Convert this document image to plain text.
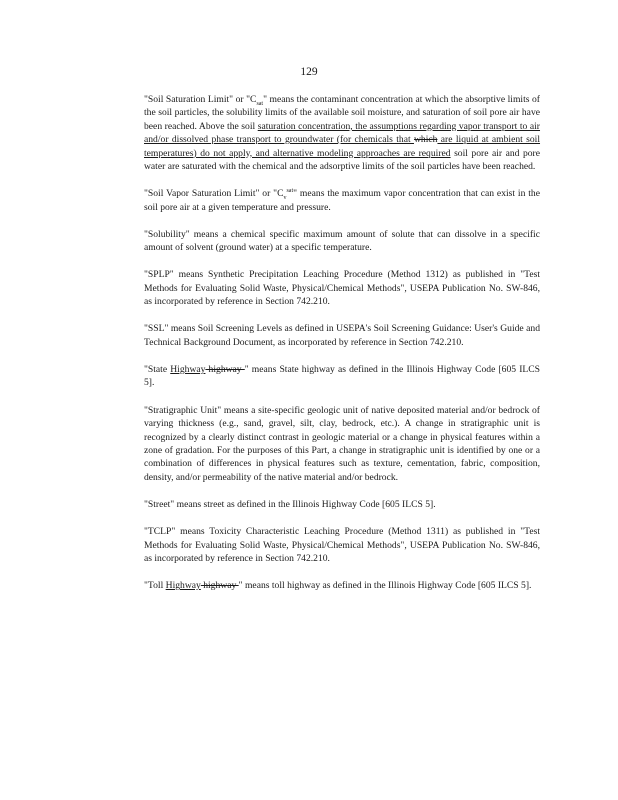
129

"Soil Saturation Limit" or "$C_{sat}$" means the contaminant concentration at which the absorptive limits of the soil particles, the solubility limits of the available soil moisture, and saturation of soil pore air have been reached. Above the soil saturation concentration, the assumptions regarding vapor transport to air and/or dissolved phase transport to groundwater (for chemicals that which are liquid at ambient soil temperatures) do not apply, and alternative modeling approaches are required soil pore air and pore water are saturated with the chemical and the adsorptive limits of the soil particles have been reached.

"Soil Vapor Saturation Limit" or "$C_v^{sat}$" means the maximum vapor concentration that can exist in the soil pore air at a given temperature and pressure.

"Solubility" means a chemical specific maximum amount of solute that can dissolve in a specific amount of solvent (ground water) at a specific temperature.

"SPLP" means Synthetic Precipitation Leaching Procedure (Method 1312) as published in "Test Methods for Evaluating Solid Waste, Physical/Chemical Methods", USEPA Publication No. SW-846, as incorporated by reference in Section 742.210.

"SSL" means Soil Screening Levels as defined in USEPA's Soil Screening Guidance: User's Guide and Technical Background Document, as incorporated by reference in Section 742.210.

"State Highway highway " means State highway as defined in the Illinois Highway Code [605 ILCS 5].

"Stratigraphic Unit" means a site-specific geologic unit of native deposited material and/or bedrock of varying thickness (e.g., sand, gravel, silt, clay, bedrock, etc.). A change in stratigraphic unit is recognized by a clearly distinct contrast in geologic material or a change in physical features within a zone of gradation. For the purposes of this Part, a change in stratigraphic unit is identified by one or a combination of differences in physical features such as texture, cementation, fabric, composition, density, and/or permeability of the native material and/or bedrock.

"Street" means street as defined in the Illinois Highway Code [605 ILCS 5].

"TCLP" means Toxicity Characteristic Leaching Procedure (Method 1311) as published in "Test Methods for Evaluating Solid Waste, Physical/Chemical Methods", USEPA Publication No. SW-846, as incorporated by reference in Section 742.210.

"Toll Highway highway " means toll highway as defined in the Illinois Highway Code [605 ILCS 5].
